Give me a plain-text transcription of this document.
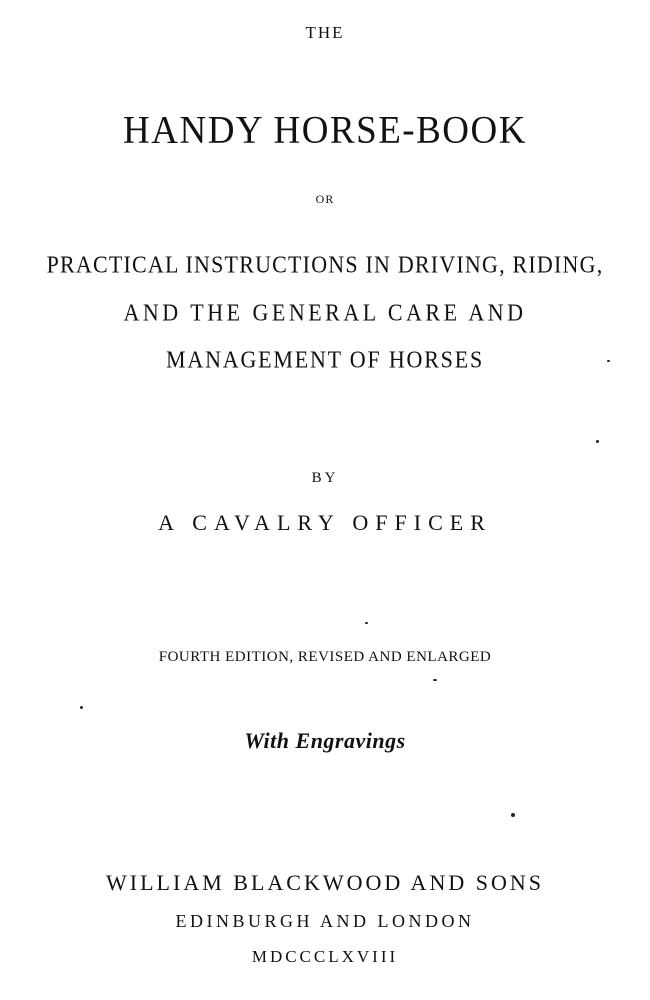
THE
HANDY HORSE-BOOK
OR
PRACTICAL INSTRUCTIONS IN DRIVING, RIDING,
AND THE GENERAL CARE AND
MANAGEMENT OF HORSES
BY
A CAVALRY OFFICER
FOURTH EDITION, REVISED AND ENLARGED
With Engravings
WILLIAM BLACKWOOD AND SONS
EDINBURGH AND LONDON
MDCCCLXVIII
